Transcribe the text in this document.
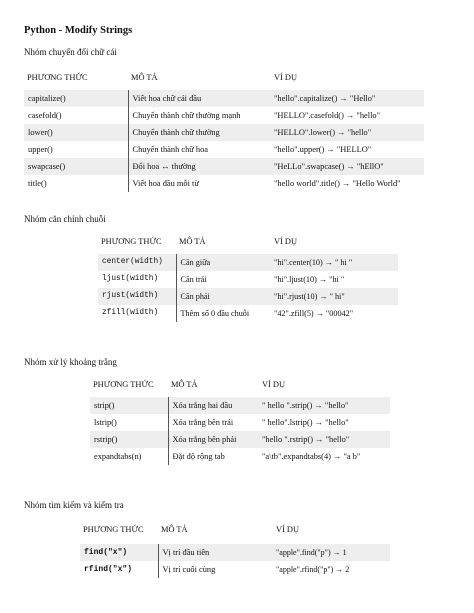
Python - Modify Strings
Nhóm chuyển đổi chữ cái
PHƯƠNG THỨC	MÔ TẢ	VÍ DỤ
capitalize()	Viết hoa chữ cái đầu	"hello".capitalize() → "Hello"
casefold()	Chuyển thành chữ thường mạnh	"HELLO".casefold() → "hello"
lower()	Chuyển thành chữ thường	"HELLO".lower() → "hello"
upper()	Chuyển thành chữ hoa	"hello".upper() → "HELLO"
swapcase()	Đổi hoa ↔ thường	"HeLLo".swapcase() → "hEllO"
title()	Viết hoa đầu mỗi từ	"hello world".title() → "Hello World"
Nhóm căn chỉnh chuỗi
PHƯƠNG THỨC	MÔ TẢ	VÍ DỤ
center(width)	Căn giữa	"hi".center(10) → " hi "
ljust(width)	Căn trái	"hi".ljust(10) → "hi "
rjust(width)	Căn phải	"hi".rjust(10) → " hi"
zfill(width)	Thêm số 0 đầu chuỗi	"42".zfill(5) → "00042"
Nhóm xử lý khoảng trắng
PHƯƠNG THỨC	MÔ TẢ	VÍ DỤ
strip()	Xóa trắng hai đầu	" hello ".strip() → "hello"
lstrip()	Xóa trắng bên trái	" hello".lstrip() → "hello"
rstrip()	Xóa trắng bên phải	"hello ".rstrip() → "hello"
expandtabs(n)	Đặt độ rộng tab	"a\tb".expandtabs(4) → "a b"
Nhóm tìm kiếm và kiểm tra
PHƯƠNG THỨC	MÔ TẢ	VÍ DỤ
find("x")	Vị trí đầu tiên	"apple".find("p") → 1
rfind("x")	Vị trí cuối cùng	"apple".rfind("p") → 2
